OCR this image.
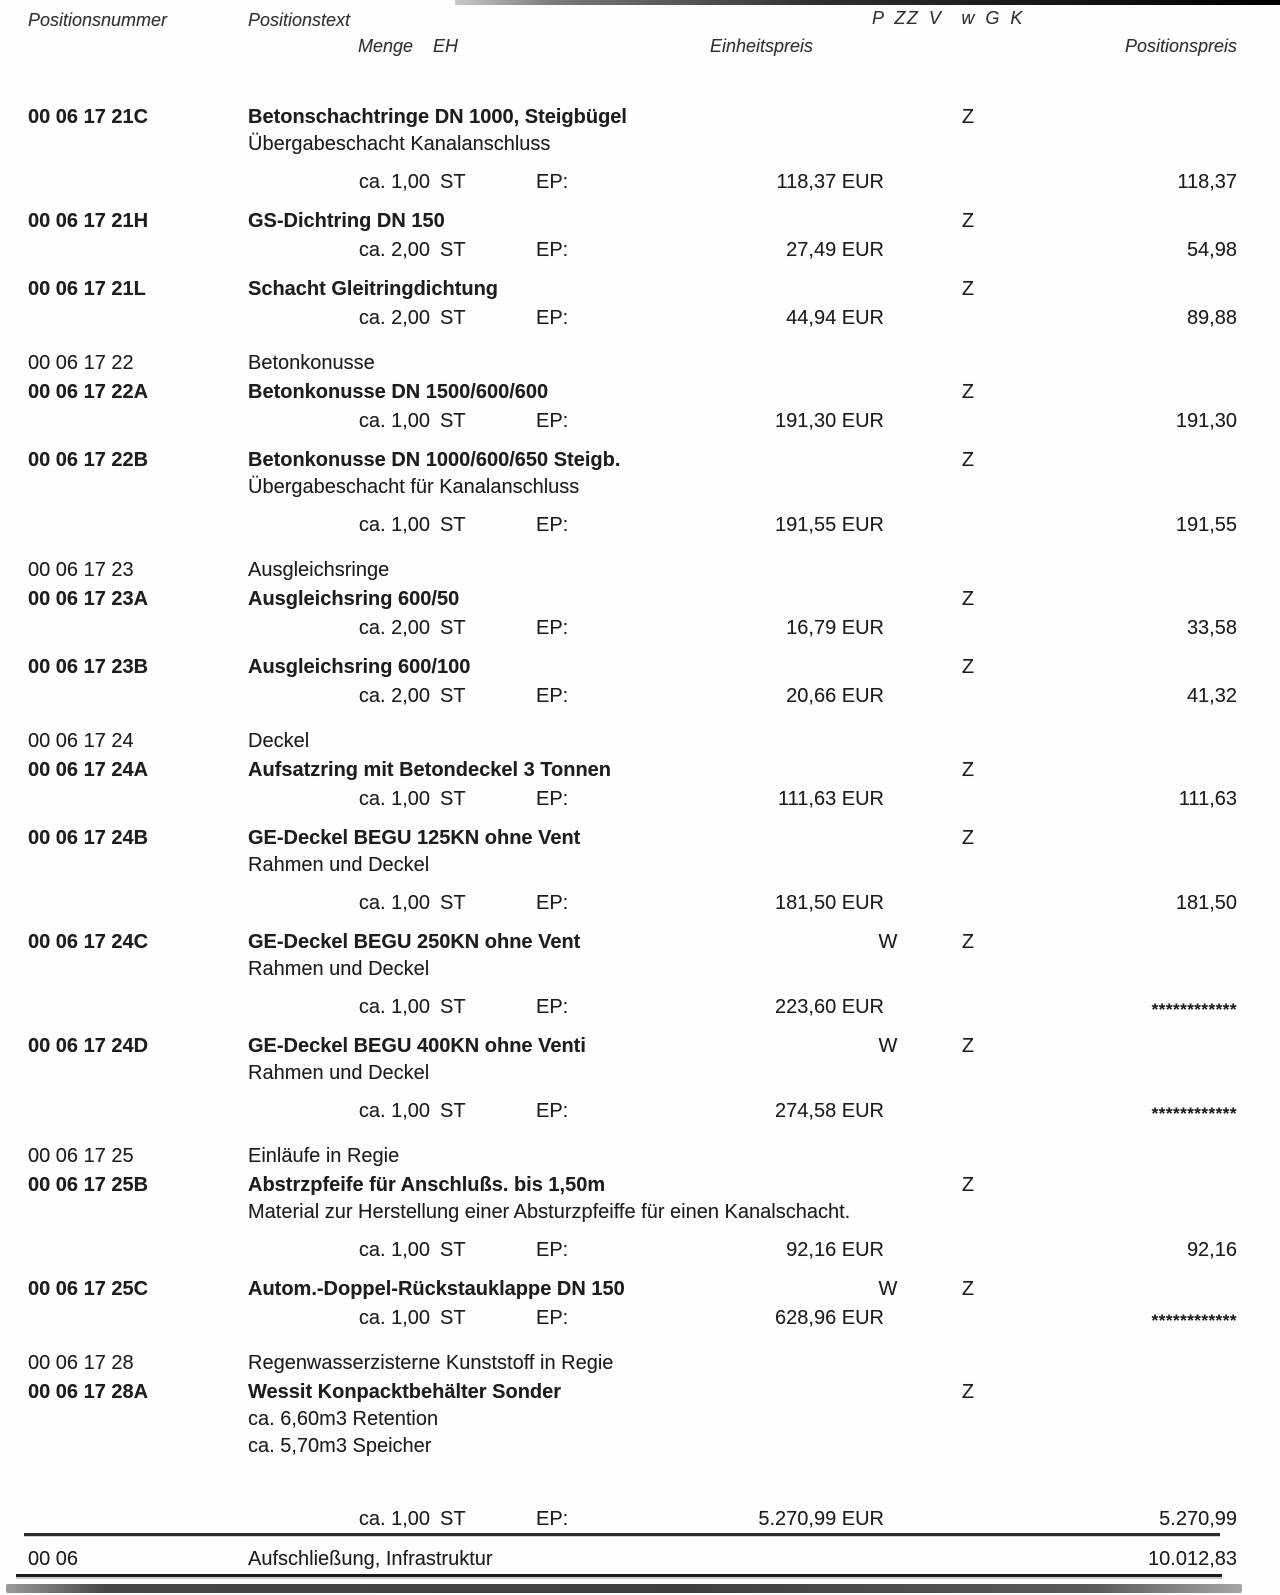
Positionsnummer	Positionstext	P ZZ V  w G K
Menge EH	Einheitspreis	Positionspreis
00 06 17 21C	Betonschachtringe DN 1000, Steigbügel	Z
Übergabeschacht Kanalanschluss
ca. 1,00 ST	EP:	118,37 EUR	118,37
00 06 17 21H	GS-Dichtring DN 150	Z
ca. 2,00 ST	EP:	27,49 EUR	54,98
00 06 17 21L	Schacht Gleitringdichtung	Z
ca. 2,00 ST	EP:	44,94 EUR	89,88
00 06 17 22	Betonkonusse
00 06 17 22A	Betonkonusse DN 1500/600/600	Z
ca. 1,00 ST	EP:	191,30 EUR	191,30
00 06 17 22B	Betonkonusse DN 1000/600/650 Steigb.	Z
Übergabeschacht für Kanalanschluss
ca. 1,00 ST	EP:	191,55 EUR	191,55
00 06 17 23	Ausgleichsringe
00 06 17 23A	Ausgleichsring 600/50	Z
ca. 2,00 ST	EP:	16,79 EUR	33,58
00 06 17 23B	Ausgleichsring 600/100	Z
ca. 2,00 ST	EP:	20,66 EUR	41,32
00 06 17 24	Deckel
00 06 17 24A	Aufsatzring mit Betondeckel 3 Tonnen	Z
ca. 1,00 ST	EP:	111,63 EUR	111,63
00 06 17 24B	GE-Deckel BEGU 125KN ohne Vent	Z
Rahmen und Deckel
ca. 1,00 ST	EP:	181,50 EUR	181,50
00 06 17 24C	GE-Deckel BEGU 250KN ohne Vent	W	Z
Rahmen und Deckel
ca. 1,00 ST	EP:	223,60 EUR	************
00 06 17 24D	GE-Deckel BEGU 400KN ohne Venti	W	Z
Rahmen und Deckel
ca. 1,00 ST	EP:	274,58 EUR	************
00 06 17 25	Einläufe in Regie
00 06 17 25B	Abstrzpfeife für Anschlußs. bis 1,50m	Z
Material zur Herstellung einer Absturzpfeiffe für einen Kanalschacht.
ca. 1,00 ST	EP:	92,16 EUR	92,16
00 06 17 25C	Autom.-Doppel-Rückstauklappe DN 150	W	Z
ca. 1,00 ST	EP:	628,96 EUR	************
00 06 17 28	Regenwasserzisterne Kunststoff in Regie
00 06 17 28A	Wessit Konpacktbehälter Sonder	Z
ca. 6,60m3 Retention
ca. 5,70m3 Speicher
ca. 1,00 ST	EP:	5.270,99 EUR	5.270,99
00 06	Aufschließung, Infrastruktur	10.012,83
